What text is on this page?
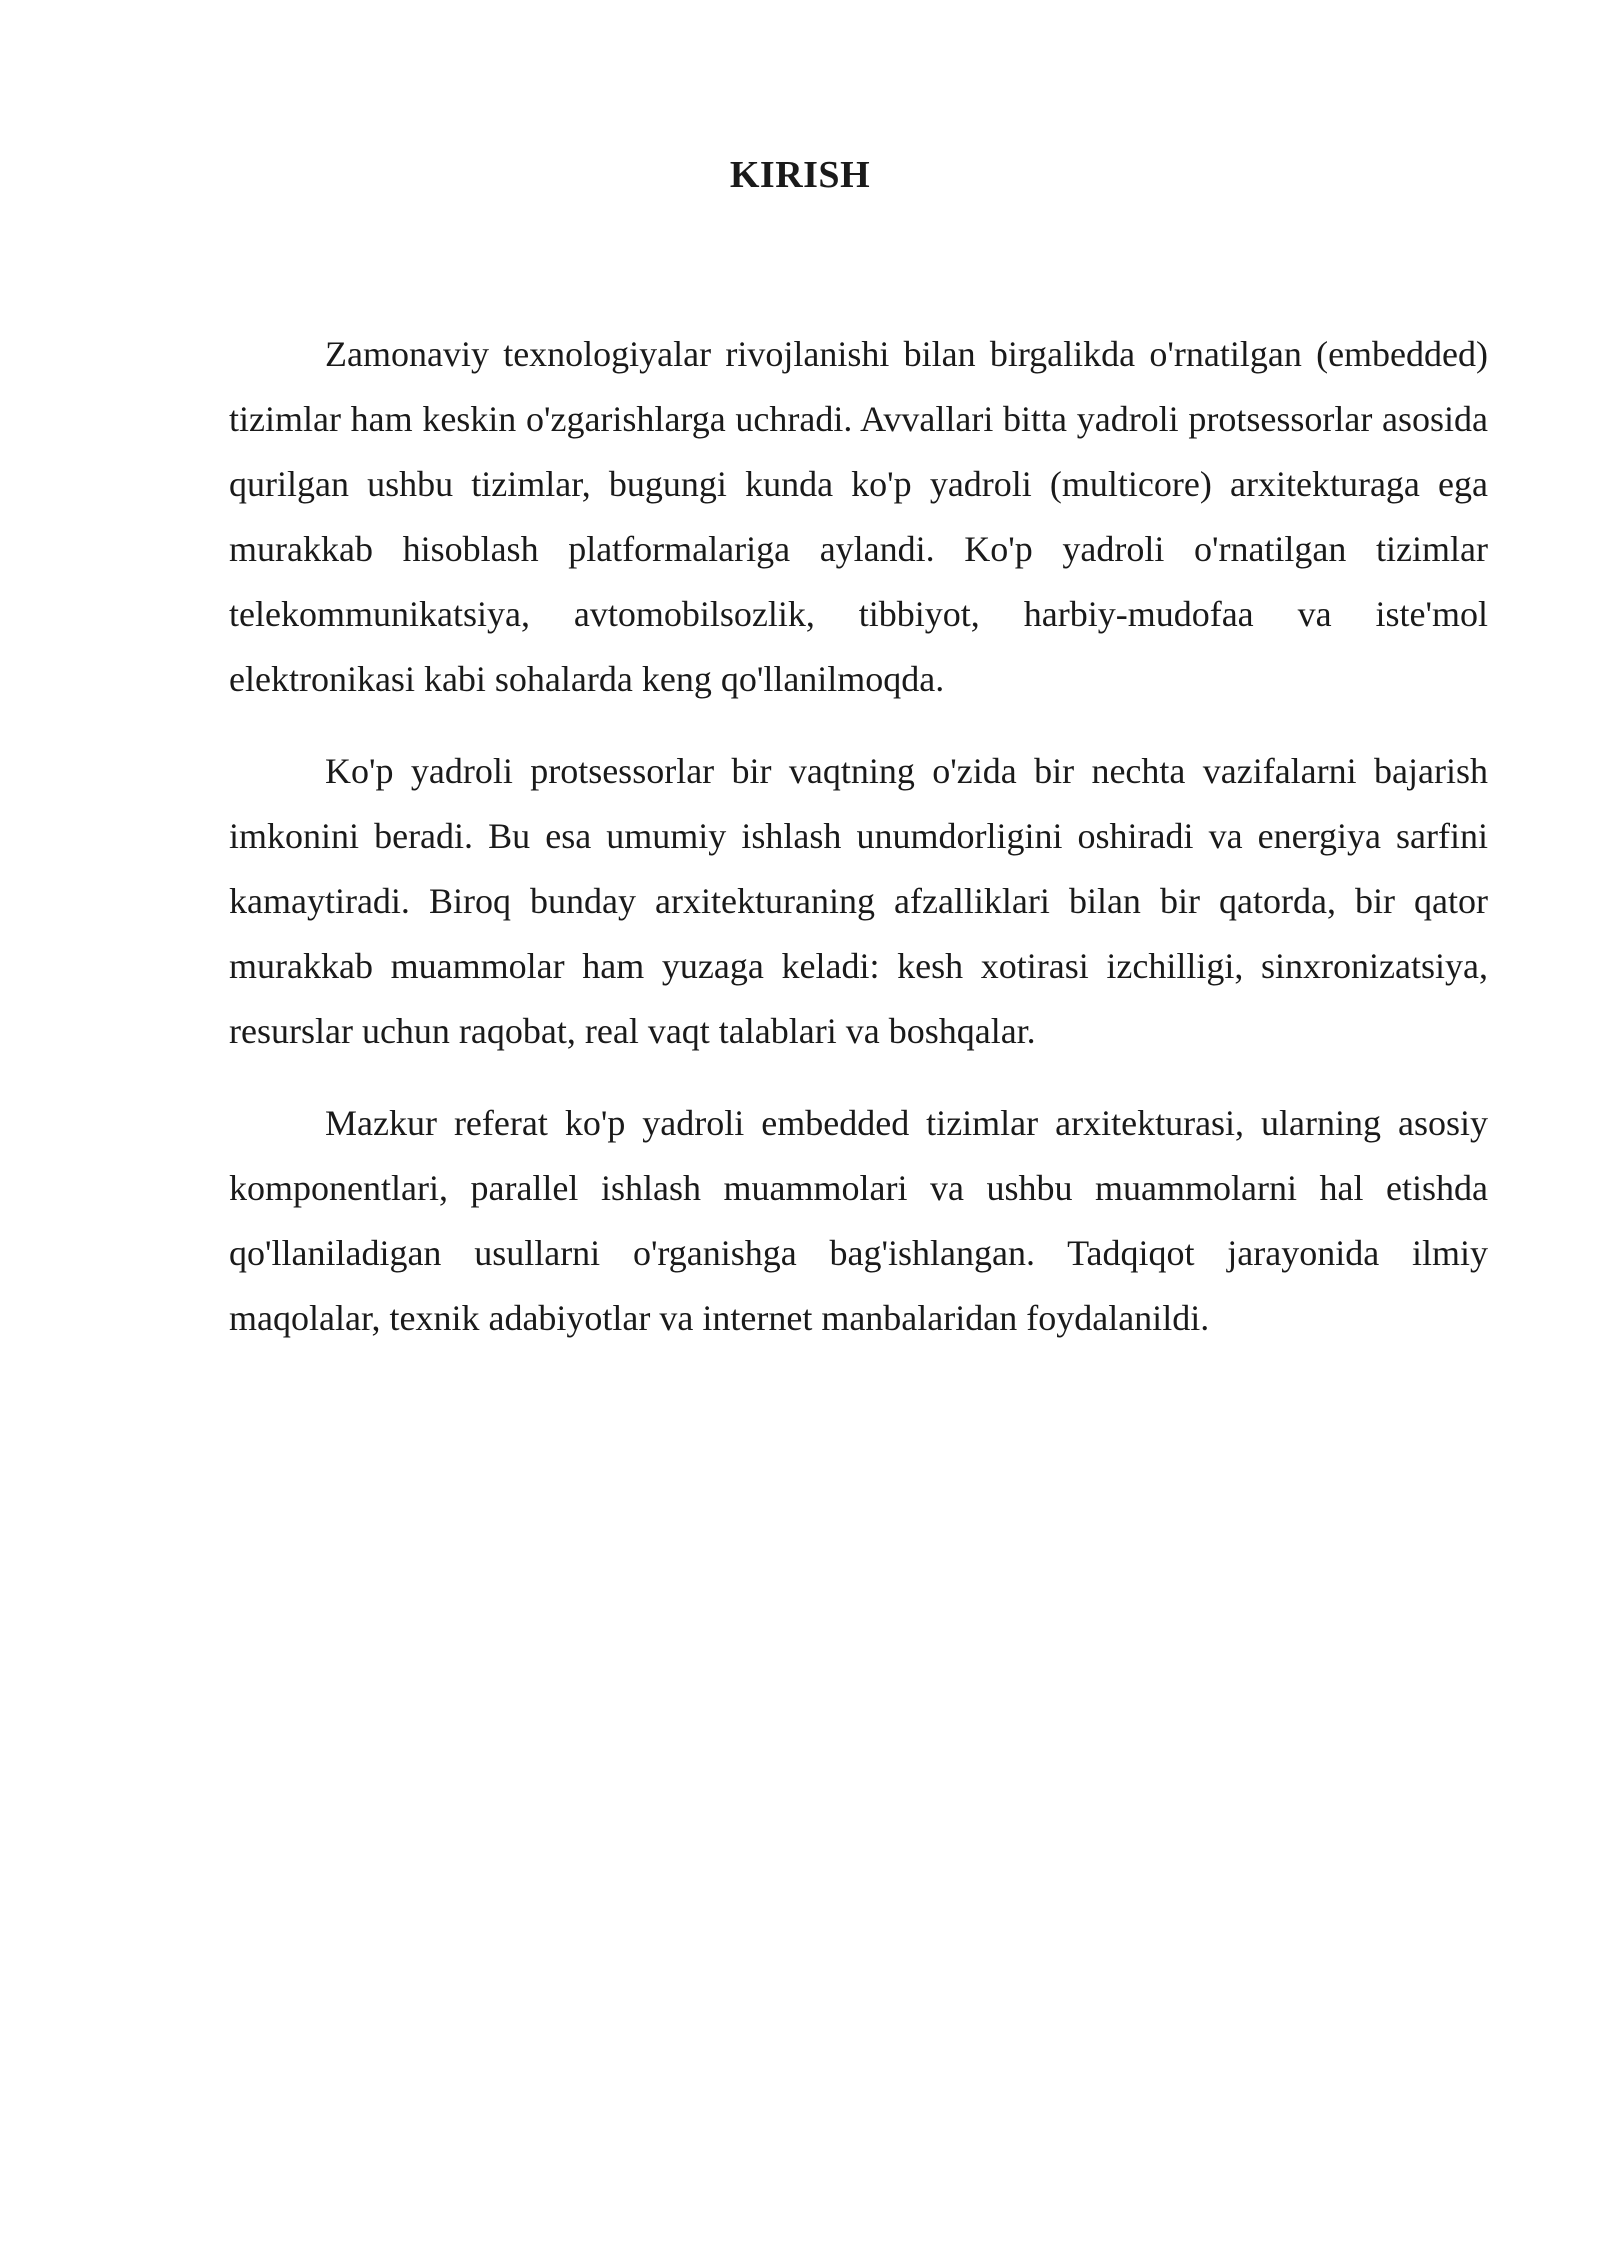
KIRISH

Zamonaviy texnologiyalar rivojlanishi bilan birgalikda o'rnatilgan (embedded) tizimlar ham keskin o'zgarishlarga uchradi. Avvallari bitta yadroli protsessorlar asosida qurilgan ushbu tizimlar, bugungi kunda ko'p yadroli (multicore) arxitekturaga ega murakkab hisoblash platformalariga aylandi. Ko'p yadroli o'rnatilgan tizimlar telekommunikatsiya, avtomobilsozlik, tibbiyot, harbiy-mudofaa va iste'mol elektronikasi kabi sohalarda keng qo'llanilmoqda.

Ko'p yadroli protsessorlar bir vaqtning o'zida bir nechta vazifalarni bajarish imkonini beradi. Bu esa umumiy ishlash unumdorligini oshiradi va energiya sarfini kamaytiradi. Biroq bunday arxitekturaning afzalliklari bilan bir qatorda, bir qator murakkab muammolar ham yuzaga keladi: kesh xotirasi izchilligi, sinxronizatsiya, resurslar uchun raqobat, real vaqt talablari va boshqalar.

Mazkur referat ko'p yadroli embedded tizimlar arxitekturasi, ularning asosiy komponentlari, parallel ishlash muammolari va ushbu muammolarni hal etishda qo'llaniladigan usullarni o'rganishga bag'ishlangan. Tadqiqot jarayonida ilmiy maqolalar, texnik adabiyotlar va internet manbalaridan foydalanildi.
